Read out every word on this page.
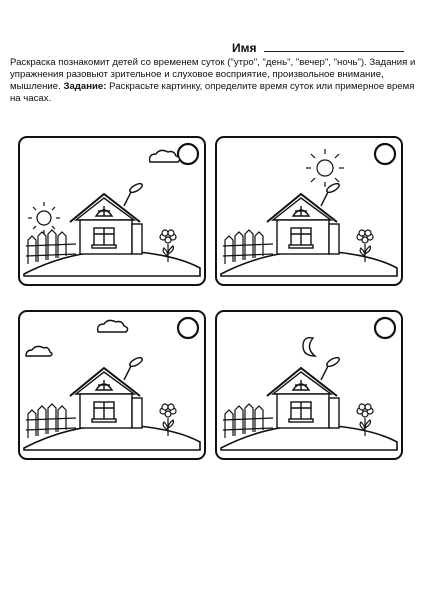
Имя
Раскраска познакомит детей со временем суток ("утро", "день", "вечер", "ночь"). Задания и упражнения разовьют зрительное и слуховое восприятие, произвольное внимание, мышление. Задание: Раскрасьте картинку, определите время суток или примерное время на часах.
